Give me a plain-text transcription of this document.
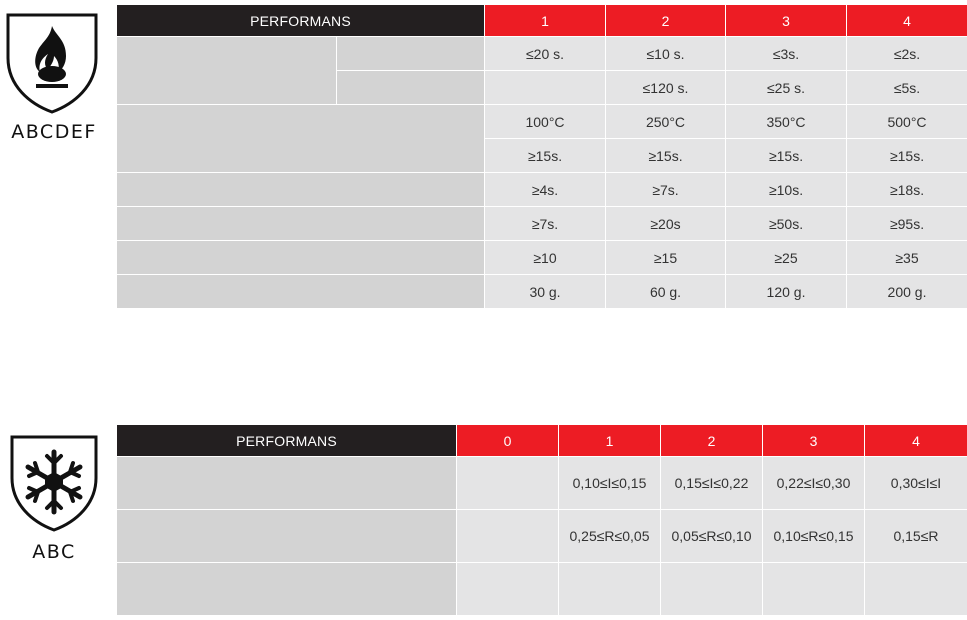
ABCDEF
PERFORMANS		1	2	3	4
		≤20 s.	≤10 s.	≤3s.	≤2s.
			≤120 s.	≤25 s.	≤5s.
		100°C	250°C	350°C	500°C
		≥15s.	≥15s.	≥15s.	≥15s.
		≥4s.	≥7s.	≥10s.	≥18s.
		≥7s.	≥20s	≥50s.	≥95s.
		≥10	≥15	≥25	≥35
		30 g.	60 g.	120 g.	200 g.
ABC
PERFORMANS	0	1	2	3	4
		0,10≤I≤0,15	0,15≤I≤0,22	0,22≤I≤0,30	0,30≤I≤I
		0,25≤R≤0,05	0,05≤R≤0,10	0,10≤R≤0,15	0,15≤R
